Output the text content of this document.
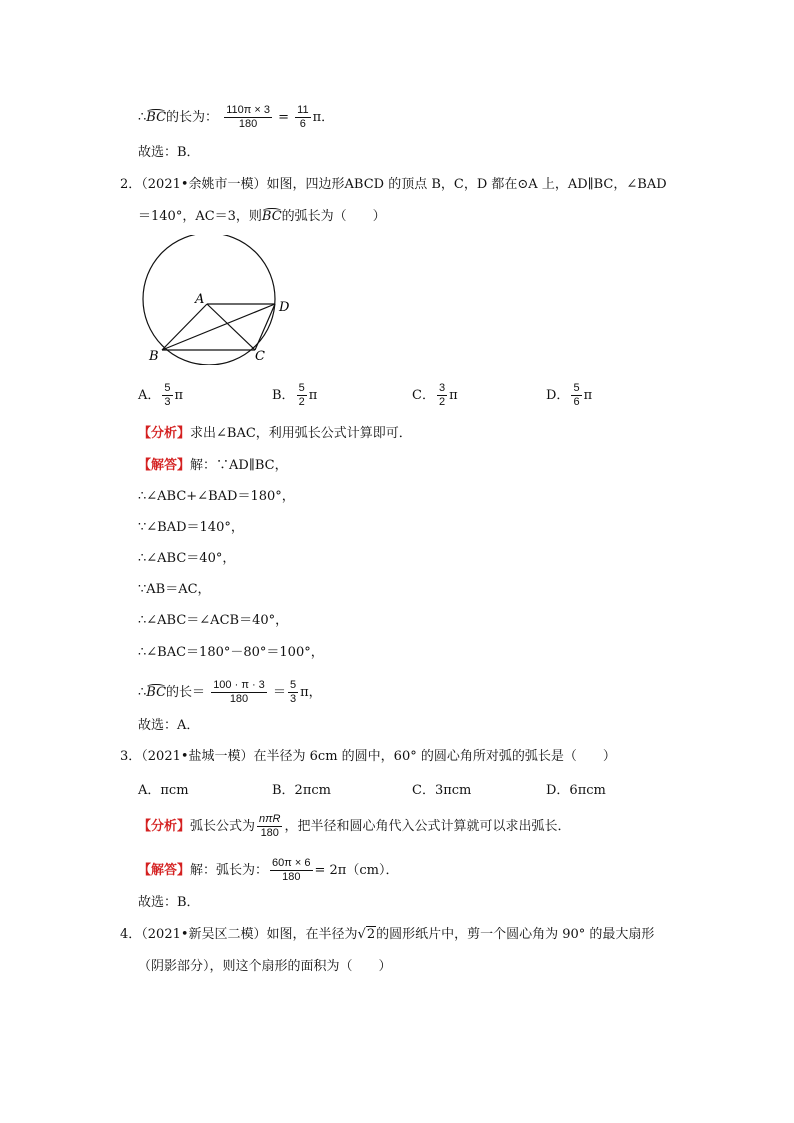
∴BC的长为： $\frac{110\pi \times 3}{180} = \frac{11}{6}$ π．
故选：B．
2．（2021•余姚市一模）如图，四边形ABCD 的顶点 B，C，D 都在⊙A 上，AD∥BC，∠BAD
＝140°，AC＝3，则BC的弧长为（　　）
A
D
B	C
A． $\frac{5}{3}$ π	B． $\frac{5}{2}$ π	C． $\frac{3}{2}$ π	D． $\frac{5}{6}$ π
【分析】求出∠BAC，利用弧长公式计算即可．
【解答】解：∵AD∥BC，
∴∠ABC+∠BAD＝180°，
∵∠BAD＝140°，
∴∠ABC＝40°，
∵AB＝AC，
∴∠ABC＝∠ACB＝40°，
∴∠BAC＝180°－80°＝100°，
∴BC的长＝ $\frac{100 \cdot \pi \cdot 3}{180} = \frac{5}{3}$ π，
故选：A．
3．（2021•盐城一模）在半径为 6cm 的圆中，60° 的圆心角所对弧的弧长是（　　）
A．πcm	B．2πcm	C．3πcm	D．6πcm
【分析】弧长公式为 $\frac{\text{nπR}}{180}$ ，把半径和圆心角代入公式计算就可以求出弧长．
【解答】解：弧长为： $\frac{60\pi \times 6}{180} = 2\pi(cm)$．
故选：B．
4．（2021•新吴区二模）如图，在半径为√2的圆形纸片中，剪一个圆心角为 90° 的最大扇形
（阴影部分），则这个扇形的面积为（　　）
